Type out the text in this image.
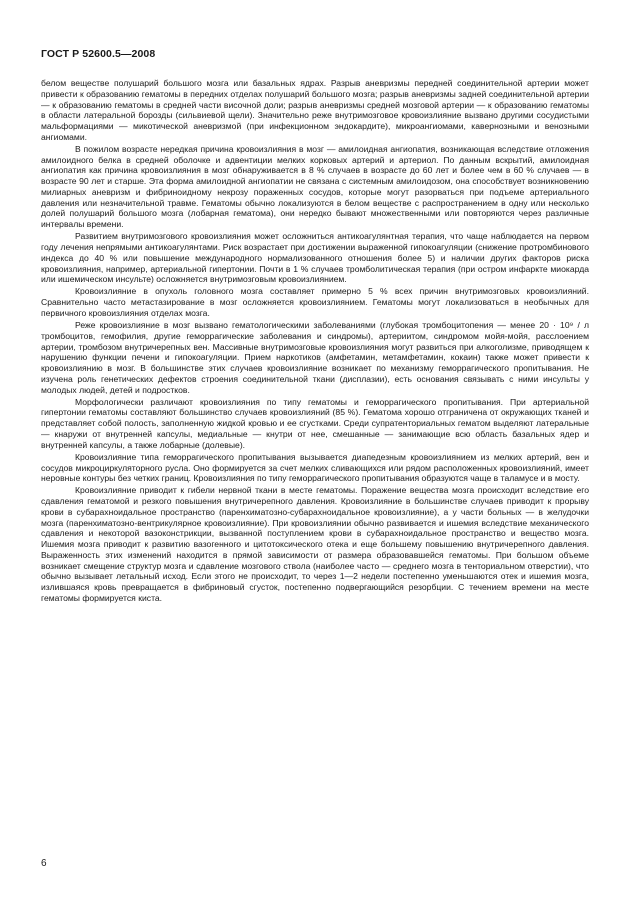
ГОСТ Р 52600.5—2008

белом веществе полушарий большого мозга или базальных ядрах. Разрыв аневризмы передней соединительной артерии может привести к образованию гематомы в передних отделах полушарий большого мозга; разрыв аневризмы задней соединительной артерии — к образованию гематомы в средней части височной доли; разрыв аневризмы средней мозговой артерии — к образованию гематомы в области латеральной борозды (сильвиевой щели). Значительно реже внутримозговое кровоизлияние вызвано другими сосудистыми мальформациями — микотической аневризмой (при инфекционном эндокардите), микроангиомами, кавернозными и венозными ангиомами.

В пожилом возрасте нередкая причина кровоизлияния в мозг — амилоидная ангиопатия, возникающая вследствие отложения амилоидного белка в средней оболочке и адвентиции мелких корковых артерий и артериол. По данным вскрытий, амилоидная ангиопатия как причина кровоизлияния в мозг обнаруживается в 8 % случаев в возрасте до 60 лет и более чем в 60 % случаев — в возрасте 90 лет и старше. Эта форма амилоидной ангиопатии не связана с системным амилоидозом, она способствует возникновению милиарных аневризм и фибриноидному некрозу пораженных сосудов, которые могут разорваться при подъеме артериального давления или незначительной травме. Гематомы обычно локализуются в белом веществе с распространением в одну или несколько долей полушарий большого мозга (лобарная гематома), они нередко бывают множественными или повторяются через различные интервалы времени.

Развитием внутримозгового кровоизлияния может осложниться антикоагулянтная терапия, что чаще наблюдается на первом году лечения непрямыми антикоагулянтами. Риск возрастает при достижении выраженной гипокоагуляции (снижение протромбинового индекса до 40 % или повышение международного нормализованного отношения более 5) и наличии других факторов риска кровоизлияния, например, артериальной гипертонии. Почти в 1 % случаев тромболитическая терапия (при остром инфаркте миокарда или ишемическом инсульте) осложняется внутримозговым кровоизлиянием.

Кровоизлияние в опухоль головного мозга составляет примерно 5 % всех причин внутримозговых кровоизлияний. Сравнительно часто метастазирование в мозг осложняется кровоизлиянием. Гематомы могут локализоваться в необычных для первичного кровоизлияния отделах мозга.

Реже кровоизлияние в мозг вызвано гематологическими заболеваниями (глубокая тромбоцитопения — менее 20 · 10⁹ / л тромбоцитов, гемофилия, другие геморрагические заболевания и синдромы), артериитом, синдромом мойя-мойя, расслоением артерии, тромбозом внутричерепных вен. Массивные внутримозговые кровоизлияния могут развиться при алкоголизме, приводящем к нарушению функции печени и гипокоагуляции. Прием наркотиков (амфетамин, метамфетамин, кокаин) также может привести к кровоизлиянию в мозг. В большинстве этих случаев кровоизлияние возникает по механизму геморрагического пропитывания. Не изучена роль генетических дефектов строения соединительной ткани (дисплазии), есть основания связывать с ними инсульты у молодых людей, детей и подростков.

Морфологически различают кровоизлияния по типу гематомы и геморрагического пропитывания. При артериальной гипертонии гематомы составляют большинство случаев кровоизлияний (85 %). Гематома хорошо отграничена от окружающих тканей и представляет собой полость, заполненную жидкой кровью и ее сгустками. Среди супратенториальных гематом выделяют латеральные — кнаружи от внутренней капсулы, медиальные — кнутри от нее, смешанные — занимающие всю область базальных ядер и внутренней капсулы, а также лобарные (долевые).

Кровоизлияние типа геморрагического пропитывания вызывается диапедезным кровоизлиянием из мелких артерий, вен и сосудов микроциркуляторного русла. Оно формируется за счет мелких сливающихся или рядом расположенных кровоизлияний, имеет неровные контуры без четких границ. Кровоизлияния по типу геморрагического пропитывания образуются чаще в таламусе и в мосту.

Кровоизлияние приводит к гибели нервной ткани в месте гематомы. Поражение вещества мозга происходит вследствие его сдавления гематомой и резкого повышения внутричерепного давления. Кровоизлияние в большинстве случаев приводит к прорыву крови в субарахноидальное пространство (паренхиматозно-субарахноидальное кровоизлияние), а у части больных — в желудочки мозга (паренхиматозно-вентрикулярное кровоизлияние). При кровоизлиянии обычно развивается и ишемия вследствие механического сдавления и некоторой вазоконстрикции, вызванной поступлением крови в субарахноидальное пространство и вещество мозга. Ишемия мозга приводит к развитию вазогенного и цитотоксического отека и еще большему повышению внутричерепного давления. Выраженность этих изменений находится в прямой зависимости от размера образовавшейся гематомы. При большом объеме возникает смещение структур мозга и сдавление мозгового ствола (наиболее часто — среднего мозга в тенториальном отверстии), что обычно вызывает летальный исход. Если этого не происходит, то через 1—2 недели постепенно уменьшаются отек и ишемия мозга, излившаяся кровь превращается в фибриновый сгусток, постепенно подвергающийся резорбции. С течением времени на месте гематомы формируется киста.

6
